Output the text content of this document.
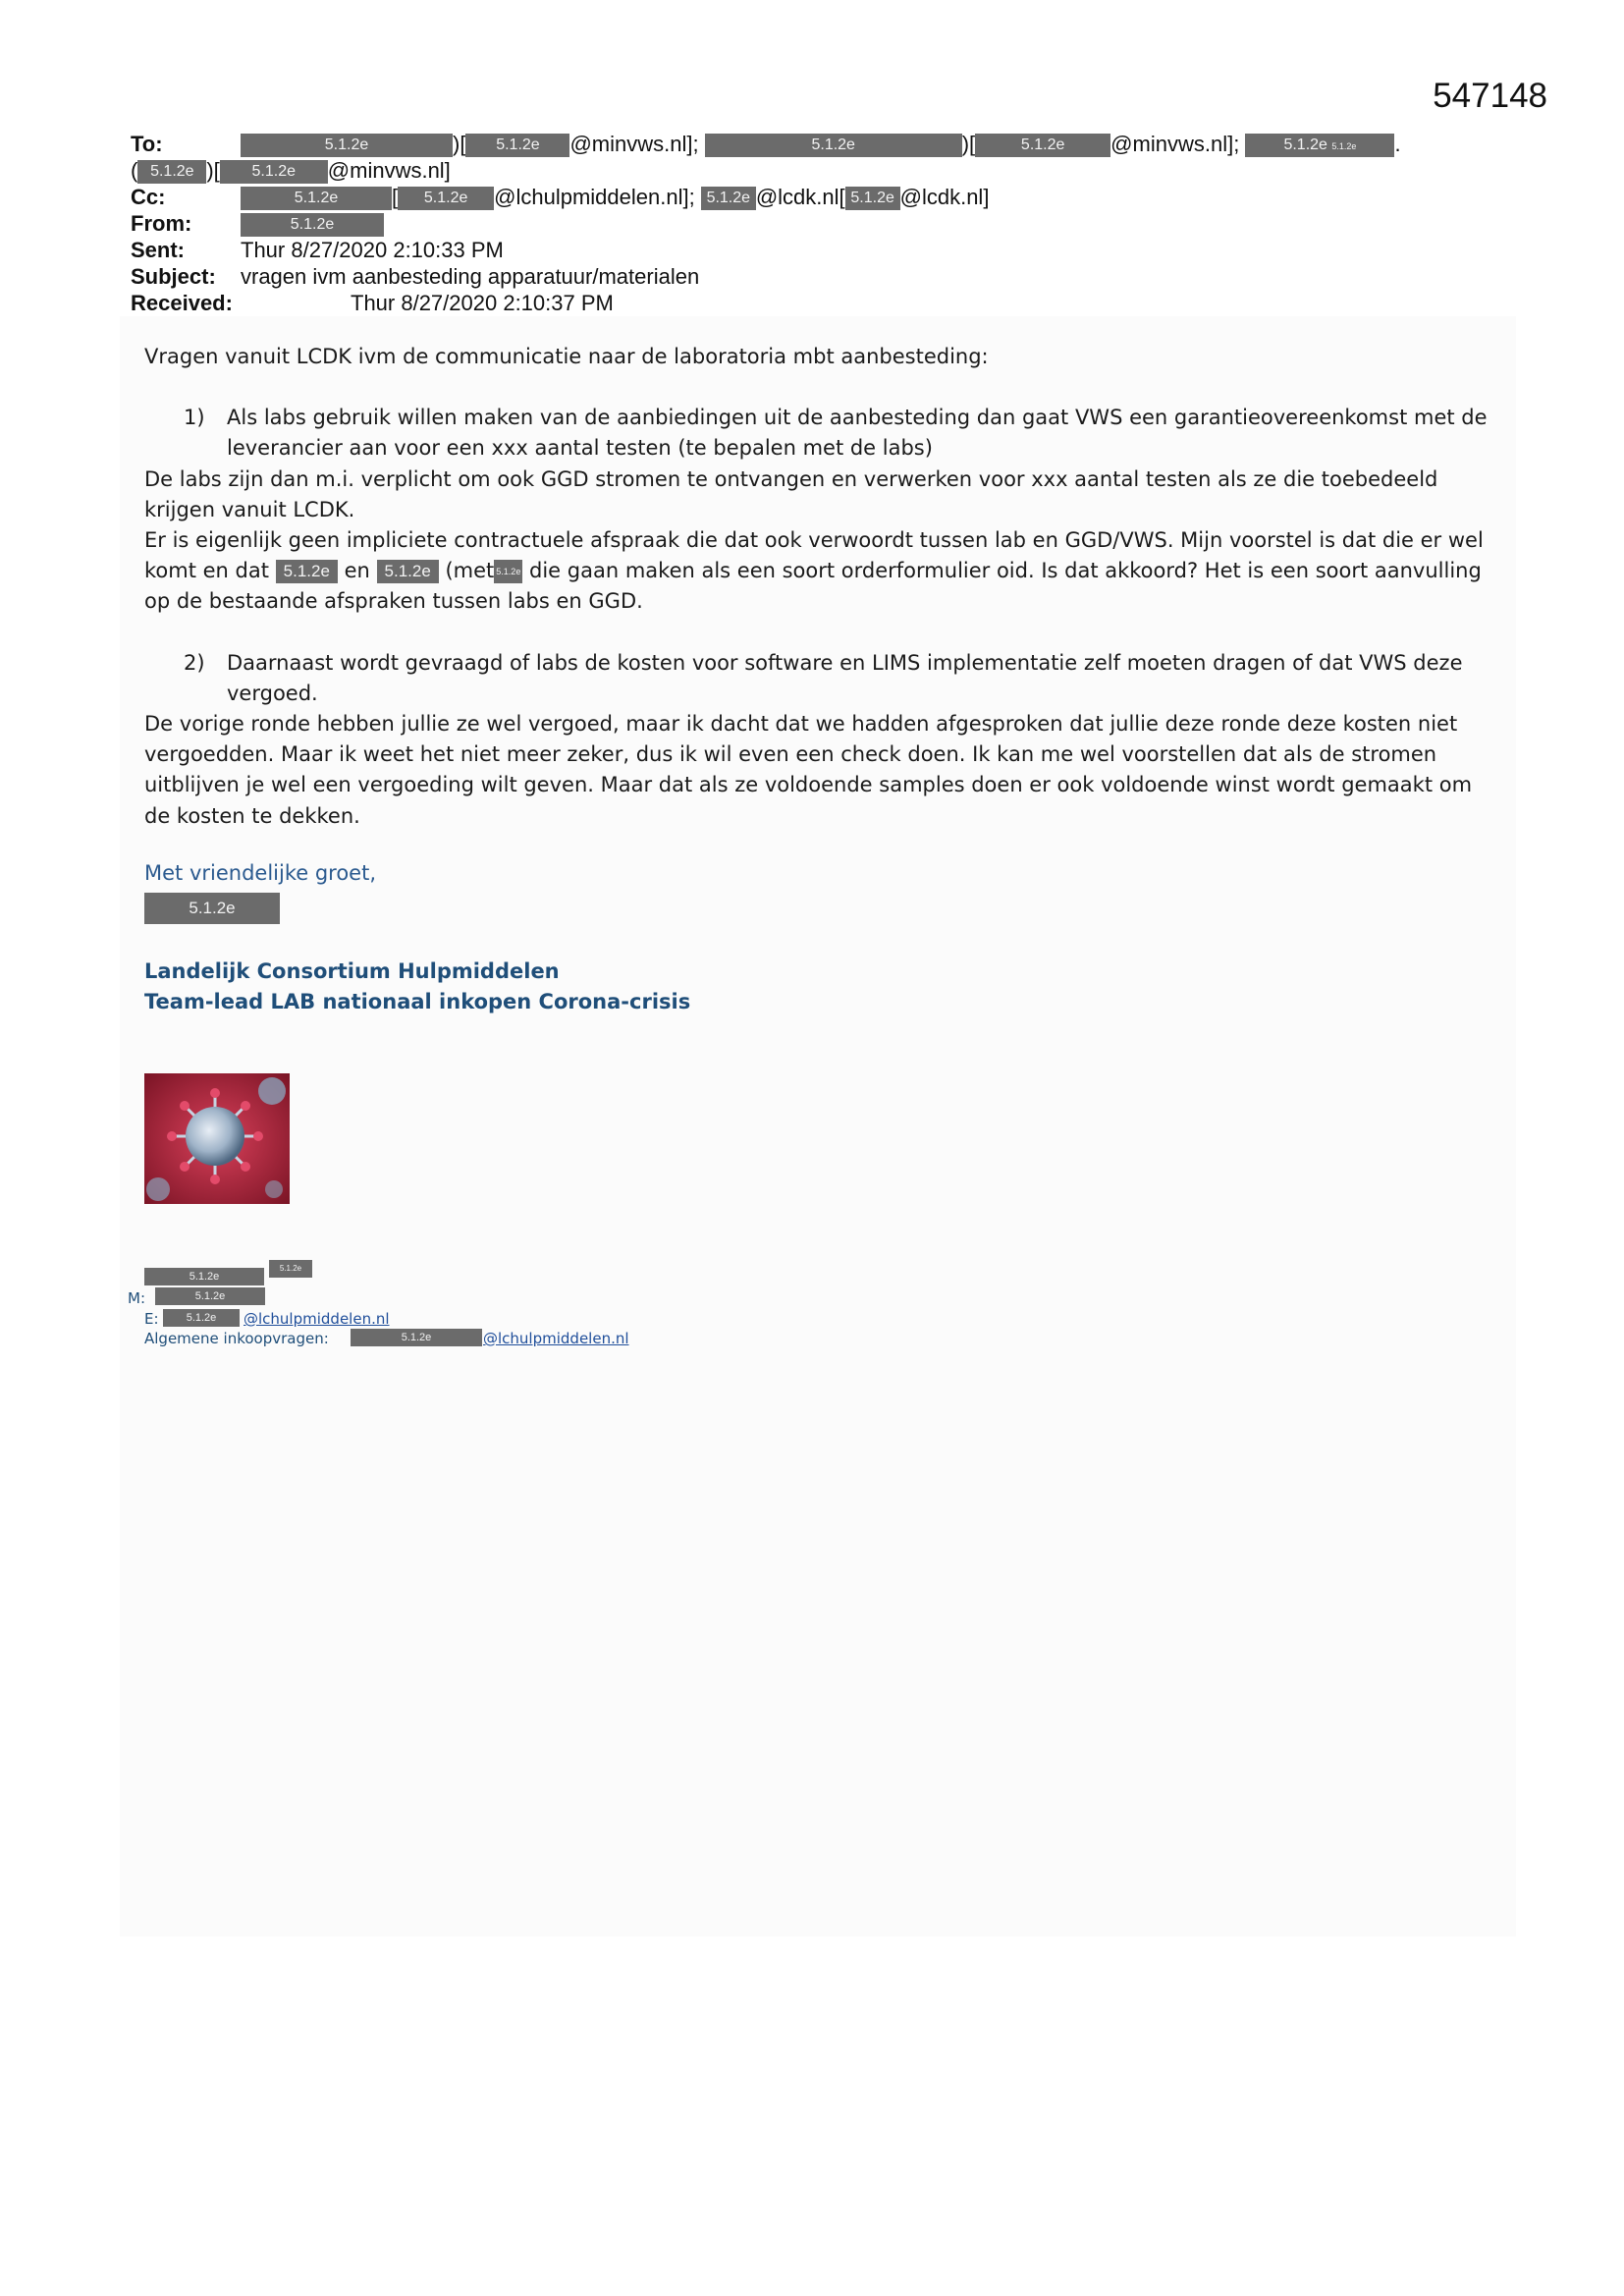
547148
To:	5.1.2e	)[ 5.1.2e @minvws.nl];	5.1.2e	)[	5.1.2e @minvws.nl];	5.1.2e 5.1.2e .
( 5.1.2e )[ 5.1.2e @minvws.nl]
Cc:	5.1.2e [ 5.1.2e @lchulpmiddelen.nl]; 5.1.2e @lcdk.nl[ 5.1.2e @lcdk.nl]
From:	5.1.2e
Sent:	Thur 8/27/2020 2:10:33 PM
Subject: vragen ivm aanbesteding apparatuur/materialen
Received:	Thur 8/27/2020 2:10:37 PM

Vragen vanuit LCDK ivm de communicatie naar de laboratoria mbt aanbesteding:

1) Als labs gebruik willen maken van de aanbiedingen uit de aanbesteding dan gaat VWS een garantieovereenkomst met de leverancier aan voor een xxx aantal testen (te bepalen met de labs)

De labs zijn dan m.i. verplicht om ook GGD stromen te ontvangen en verwerken voor xxx aantal testen als ze die toebedeeld krijgen vanuit LCDK.

Er is eigenlijk geen impliciete contractuele afspraak die dat ook verwoordt tussen lab en GGD/VWS. Mijn voorstel is dat die er wel komt en dat 5.1.2e en 5.1.2e (met 5.1.2e die gaan maken als een soort orderformulier oid. Is dat akkoord? Het is een soort aanvulling op de bestaande afspraken tussen labs en GGD.

2) Daarnaast wordt gevraagd of labs de kosten voor software en LIMS implementatie zelf moeten dragen of dat VWS deze vergoed.

De vorige ronde hebben jullie ze wel vergoed, maar ik dacht dat we hadden afgesproken dat jullie deze ronde deze kosten niet vergoedden. Maar ik weet het niet meer zeker, dus ik wil even een check doen. Ik kan me wel voorstellen dat als de stromen uitblijven je wel een vergoeding wilt geven. Maar dat als ze voldoende samples doen er ook voldoende winst wordt gemaakt om de kosten te dekken.

Met vriendelijke groet,
5.1.2e
Landelijk Consortium Hulpmiddelen
Team-lead LAB nationaal inkopen Corona-crisis
5.1.2e
5.1.2e
M:	5.1.2e
E:	5.1.2e	@lchulpmiddelen.nl
Algemene inkoopvragen:	5.1.2e	@lchulpmiddelen.nl
